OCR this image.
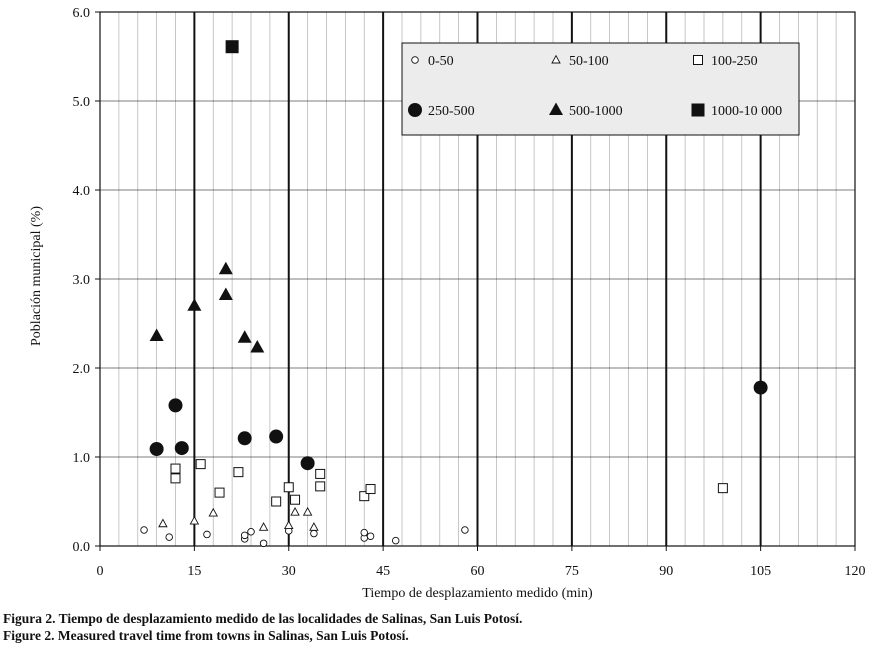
0	15	30	45	60	75	90	105	120
0.0
1.0
2.0
3.0
4.0
5.0
6.0
0-50	50-100	100-250
250-500	500-1000	1000-10 000
Tiempo de desplazamiento medido (min)
Población municipal (%)
Figura 2. Tiempo de desplazamiento medido de las localidades de Salinas, San Luis Potosí.
Figure 2. Measured travel time from towns in Salinas, San Luis Potosí.
